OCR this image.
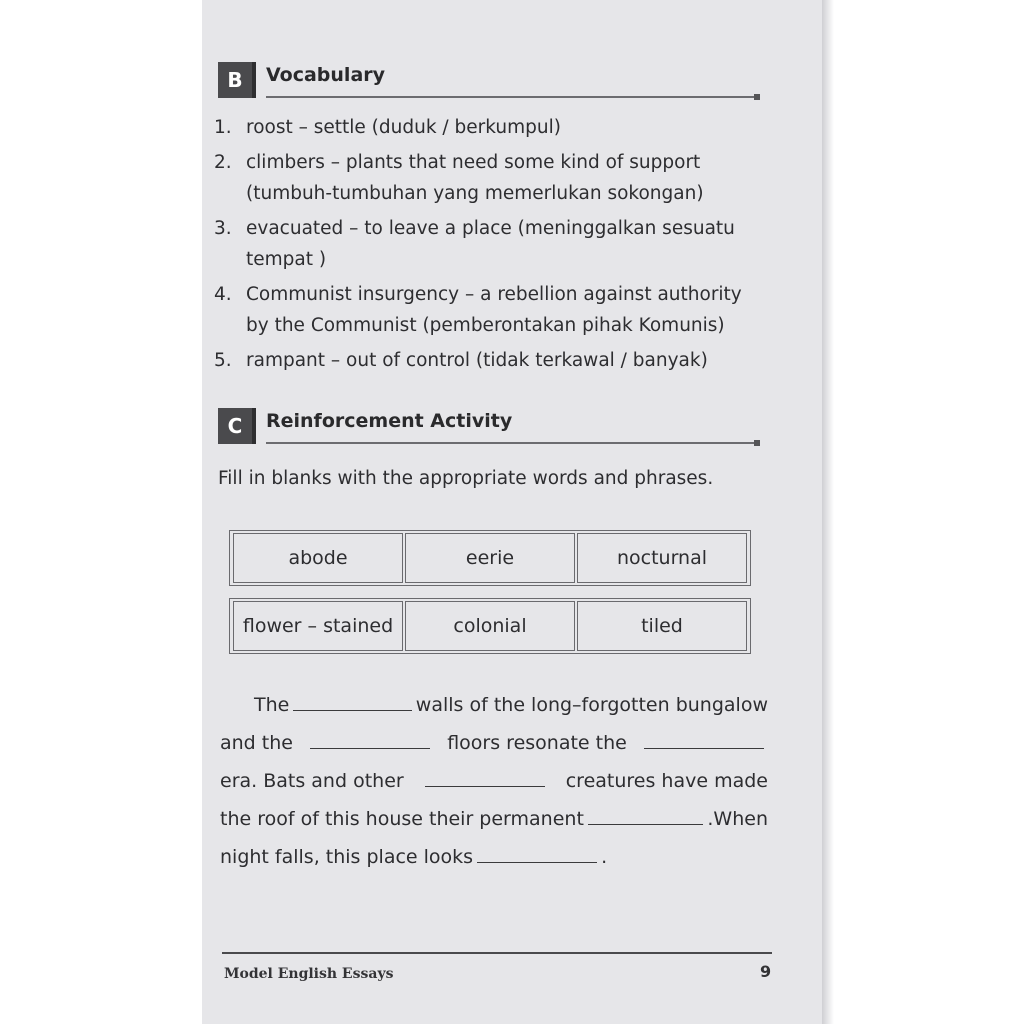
B	Vocabulary
1. roost – settle (duduk / berkumpul)
2. climbers – plants that need some kind of support
(tumbuh-tumbuhan yang memerlukan sokongan)
3. evacuated – to leave a place (meninggalkan sesuatu
tempat )
4. Communist insurgency – a rebellion against authority
by the Communist (pemberontakan pihak Komunis)
5. rampant – out of control (tidak terkawal / banyak)
C	Reinforcement Activity
Fill in blanks with the appropriate words and phrases.
abode	eerie	nocturnal
flower – stained	colonial	tiled
The	walls of the long–forgotten bungalow
and the	floors resonate the
era. Bats and other	creatures have made
the roof of this house their permanent	.When
night falls, this place looks	.
Model English Essays	9
